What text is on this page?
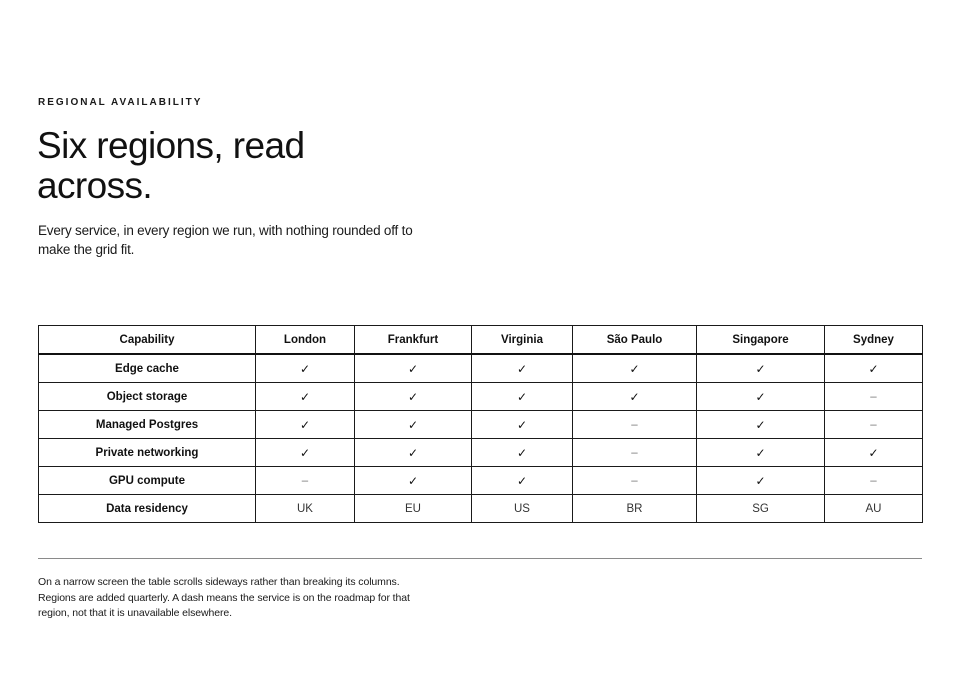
REGIONAL AVAILABILITY

Six regions, read across.

Every service, in every region we run, with nothing rounded off to make the grid fit.

Capability	London	Frankfurt	Virginia	São Paulo	Singapore	Sydney
Edge cache	✓	✓	✓	✓	✓	✓
Object storage	✓	✓	✓	✓	✓	–
Managed Postgres	✓	✓	✓	–	✓	–
Private networking	✓	✓	✓	–	✓	✓
GPU compute	–	✓	✓	–	✓	–
Data residency	UK	EU	US	BR	SG	AU

On a narrow screen the table scrolls sideways rather than breaking its columns. Regions are added quarterly. A dash means the service is on the roadmap for that region, not that it is unavailable elsewhere.
